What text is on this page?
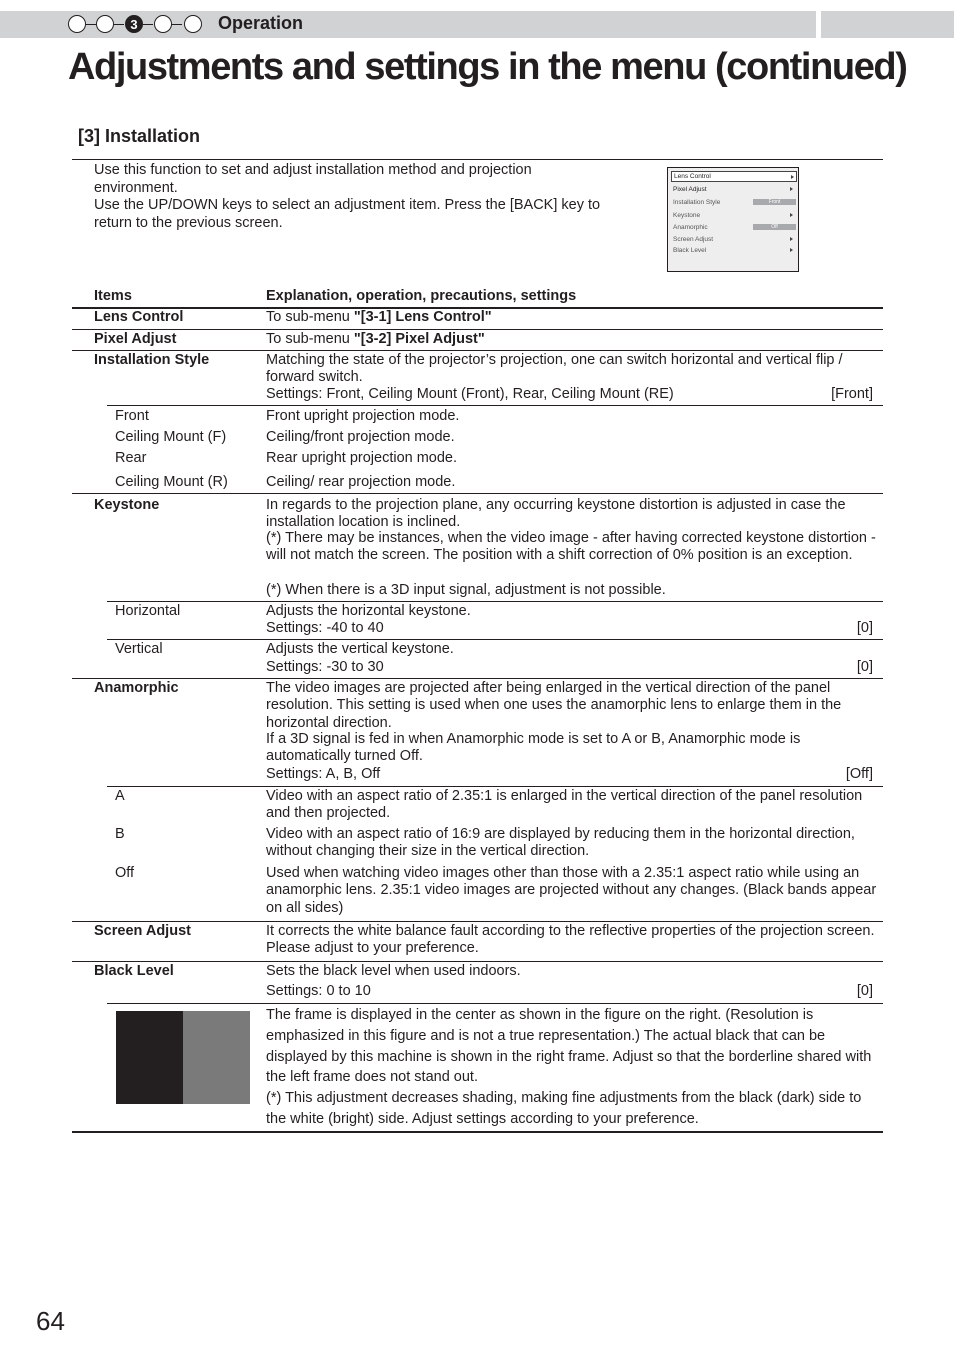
3	Operation
Adjustments and settings in the menu (continued)
[3] Installation

Use this function to set and adjust installation method and projection environment.

Use the UP/DOWN keys to select an adjustment item. Press the [BACK] key to return to the previous screen.

Lens Control
Pixel Adjust
Installation Style	Front
Keystone
Anamorphic	Off
Screen Adjust
Black Level
Items	Explanation, operation, precautions, settings
Lens Control	To sub-menu "[3-1] Lens Control"
Pixel Adjust	To sub-menu "[3-2] Pixel Adjust"
Installation Style	Matching the state of the projector’s projection, one can switch horizontal and vertical flip / forward switch.
Settings: Front, Ceiling Mount (Front), Rear, Ceiling Mount (RE)	[Front]
Front	Front upright projection mode.
Ceiling Mount (F)	Ceiling/front projection mode.
Rear	Rear upright projection mode.
Ceiling Mount (R)	Ceiling/ rear projection mode.
Keystone	In regards to the projection plane, any occurring keystone distortion is adjusted in case the installation location is inclined.
(*) There may be instances, when the video image - after having corrected keystone distortion - will not match the screen. The position with a shift correction of 0% position is an exception.
(*) When there is a 3D input signal, adjustment is not possible.
Horizontal	Adjusts the horizontal keystone.
Settings: -40 to 40	[0]
Vertical	Adjusts the vertical keystone.
Settings: -30 to 30	[0]
Anamorphic	The video images are projected after being enlarged in the vertical direction of the panel resolution. This setting is used when one uses the anamorphic lens to enlarge them in the horizontal direction.
If a 3D signal is fed in when Anamorphic mode is set to A or B, Anamorphic mode is automatically turned Off.
Settings: A, B, Off	[Off]
A	Video with an aspect ratio of 2.35:1 is enlarged in the vertical direction of the panel resolution and then projected.
B	Video with an aspect ratio of 16:9 are displayed by reducing them in the horizontal direction, without changing their size in the vertical direction.
Off	Used when watching video images other than those with a 2.35:1 aspect ratio while using an anamorphic lens. 2.35:1 video images are projected without any changes. (Black bands appear on all sides)
Screen Adjust	It corrects the white balance fault according to the reflective properties of the projection screen. Please adjust to your preference.
Black Level	Sets the black level when used indoors.
Settings: 0 to 10	[0]
The frame is displayed in the center as shown in the figure on the right. (Resolution is emphasized in this figure and is not a true representation.) The actual black that can be displayed by this machine is shown in the right frame. Adjust so that the borderline shared with the left frame does not stand out.
(*) This adjustment decreases shading, making fine adjustments from the black (dark) side to the white (bright) side. Adjust settings according to your preference.
64
